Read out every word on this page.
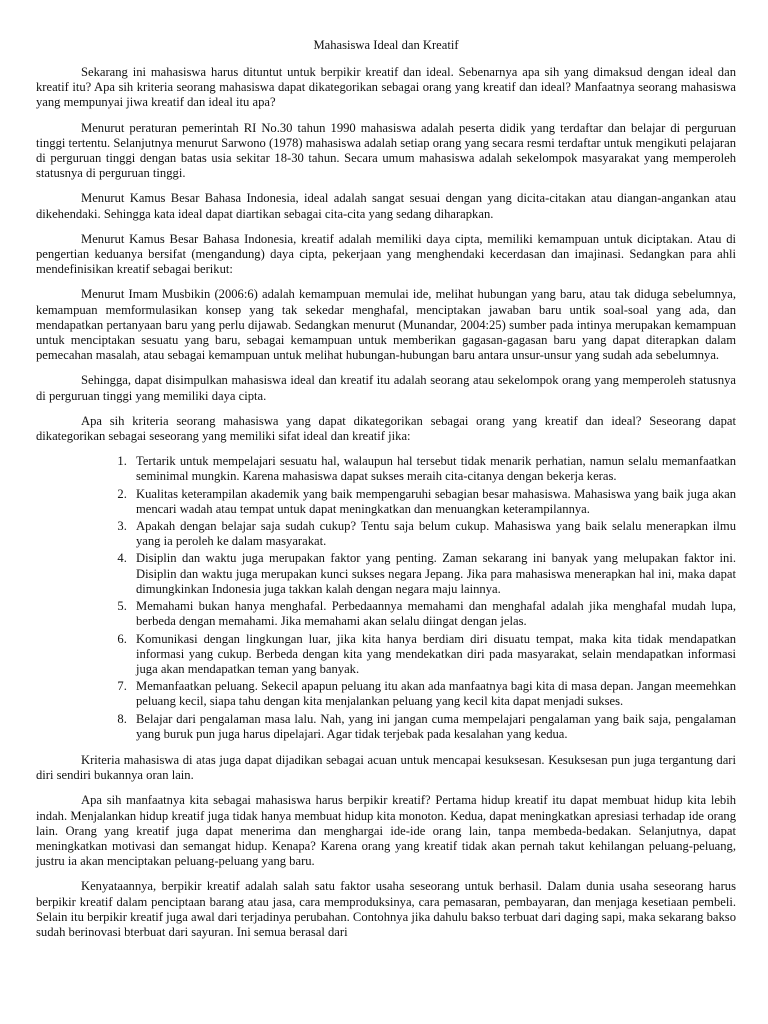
Mahasiswa Ideal dan Kreatif

Sekarang ini mahasiswa harus dituntut untuk berpikir kreatif dan ideal. Sebenarnya apa sih yang dimaksud dengan ideal dan kreatif itu? Apa sih kriteria seorang mahasiswa dapat dikategorikan sebagai orang yang kreatif dan ideal? Manfaatnya seorang mahasiswa yang mempunyai jiwa kreatif dan ideal itu apa?

Menurut peraturan pemerintah RI No.30 tahun 1990 mahasiswa adalah peserta didik yang terdaftar dan belajar di perguruan tinggi tertentu. Selanjutnya menurut Sarwono (1978) mahasiswa adalah setiap orang yang secara resmi terdaftar untuk mengikuti pelajaran di perguruan tinggi dengan batas usia sekitar 18-30 tahun. Secara umum mahasiswa adalah sekelompok masyarakat yang memperoleh statusnya di perguruan tinggi.

Menurut Kamus Besar Bahasa Indonesia, ideal adalah sangat sesuai dengan yang dicita-citakan atau diangan-angankan atau dikehendaki. Sehingga kata ideal dapat diartikan sebagai cita-cita yang sedang diharapkan.

Menurut Kamus Besar Bahasa Indonesia, kreatif adalah memiliki daya cipta, memiliki kemampuan untuk diciptakan. Atau di pengertian keduanya bersifat (mengandung) daya cipta, pekerjaan yang menghendaki kecerdasan dan imajinasi. Sedangkan para ahli mendefinisikan kreatif sebagai berikut:

Menurut Imam Musbikin (2006:6) adalah kemampuan memulai ide, melihat hubungan yang baru, atau tak diduga sebelumnya, kemampuan memformulasikan konsep yang tak sekedar menghafal, menciptakan jawaban baru untik soal-soal yang ada, dan mendapatkan pertanyaan baru yang perlu dijawab. Sedangkan menurut (Munandar, 2004:25) sumber pada intinya merupakan kemampuan untuk menciptakan sesuatu yang baru, sebagai kemampuan untuk memberikan gagasan-gagasan baru yang dapat diterapkan dalam pemecahan masalah, atau sebagai kemampuan untuk melihat hubungan-hubungan baru antara unsur-unsur yang sudah ada sebelumnya.

Sehingga, dapat disimpulkan mahasiswa ideal dan kreatif itu adalah seorang atau sekelompok orang yang memperoleh statusnya di perguruan tinggi yang memiliki daya cipta.

Apa sih kriteria seorang mahasiswa yang dapat dikategorikan sebagai orang yang kreatif dan ideal? Seseorang dapat dikategorikan sebagai seseorang yang memiliki sifat ideal dan kreatif jika:

1. Tertarik untuk mempelajari sesuatu hal, walaupun hal tersebut tidak menarik perhatian, namun selalu memanfaatkan seminimal mungkin. Karena mahasiswa dapat sukses meraih cita-citanya dengan bekerja keras.
2. Kualitas keterampilan akademik yang baik mempengaruhi sebagian besar mahasiswa. Mahasiswa yang baik juga akan mencari wadah atau tempat untuk dapat meningkatkan dan menuangkan keterampilannya.
3. Apakah dengan belajar saja sudah cukup? Tentu saja belum cukup. Mahasiswa yang baik selalu menerapkan ilmu yang ia peroleh ke dalam masyarakat.
4. Disiplin dan waktu juga merupakan faktor yang penting. Zaman sekarang ini banyak yang melupakan faktor ini. Disiplin dan waktu juga merupakan kunci sukses negara Jepang. Jika para mahasiswa menerapkan hal ini, maka dapat dimungkinkan Indonesia juga takkan kalah dengan negara maju lainnya.
5. Memahami bukan hanya menghafal. Perbedaannya memahami dan menghafal adalah jika menghafal mudah lupa, berbeda dengan memahami. Jika memahami akan selalu diingat dengan jelas.
6. Komunikasi dengan lingkungan luar, jika kita hanya berdiam diri disuatu tempat, maka kita tidak mendapatkan informasi yang cukup. Berbeda dengan kita yang mendekatkan diri pada masyarakat, selain mendapatkan informasi juga akan mendapatkan teman yang banyak.
7. Memanfaatkan peluang. Sekecil apapun peluang itu akan ada manfaatnya bagi kita di masa depan. Jangan meemehkan peluang kecil, siapa tahu dengan kita menjalankan peluang yang kecil kita dapat menjadi sukses.
8. Belajar dari pengalaman masa lalu. Nah, yang ini jangan cuma mempelajari pengalaman yang baik saja, pengalaman yang buruk pun juga harus dipelajari. Agar tidak terjebak pada kesalahan yang kedua.

Kriteria mahasiswa di atas juga dapat dijadikan sebagai acuan untuk mencapai kesuksesan. Kesuksesan pun juga tergantung dari diri sendiri bukannya oran lain.

Apa sih manfaatnya kita sebagai mahasiswa harus berpikir kreatif? Pertama hidup kreatif itu dapat membuat hidup kita lebih indah. Menjalankan hidup kreatif juga tidak hanya membuat hidup kita monoton. Kedua, dapat meningkatkan apresiasi terhadap ide orang lain. Orang yang kreatif juga dapat menerima dan menghargai ide-ide orang lain, tanpa membeda-bedakan. Selanjutnya, dapat meningkatkan motivasi dan semangat hidup. Kenapa? Karena orang yang kreatif tidak akan pernah takut kehilangan peluang-peluang, justru ia akan menciptakan peluang-peluang yang baru.

Kenyataannya, berpikir kreatif adalah salah satu faktor usaha seseorang untuk berhasil. Dalam dunia usaha seseorang harus berpikir kreatif dalam penciptaan barang atau jasa, cara memproduksinya, cara pemasaran, pembayaran, dan menjaga kesetiaan pembeli. Selain itu berpikir kreatif juga awal dari terjadinya perubahan. Contohnya jika dahulu bakso terbuat dari daging sapi, maka sekarang bakso sudah berinovasi bterbuat dari sayuran. Ini semua berasal dari
